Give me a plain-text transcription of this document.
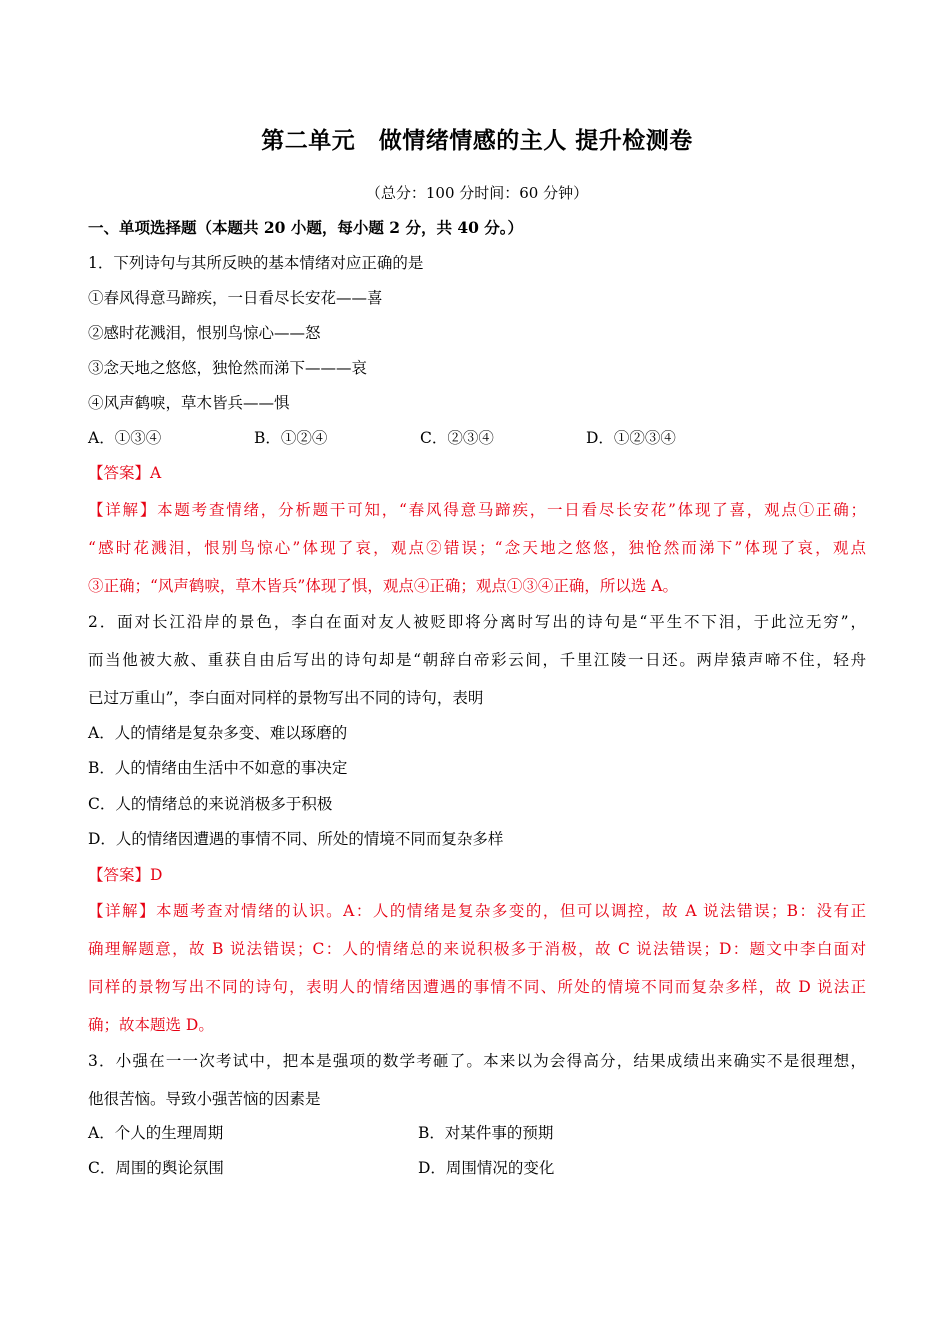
第二单元　做情绪情感的主人 提升检测卷
（总分：100 分时间：60 分钟）
一、单项选择题（本题共 20 小题，每小题 2 分，共 40 分。）
1．下列诗句与其所反映的基本情绪对应正确的是
①春风得意马蹄疾，一日看尽长安花——喜
②感时花溅泪，恨别鸟惊心——怒
③念天地之悠悠，独怆然而涕下———哀
④风声鹤唳，草木皆兵——惧
A．①③④	B．①②④	C．②③④	D．①②③④
【答案】A
【详解】本题考查情绪，分析题干可知，“春风得意马蹄疾，一日看尽长安花”体现了喜，观点①正确；
“感时花溅泪，恨别鸟惊心”体现了哀，观点②错误；“念天地之悠悠，独怆然而涕下”体现了哀，观点
③正确；“风声鹤唳，草木皆兵”体现了惧，观点④正确；观点①③④正确，所以选 A。
2．面对长江沿岸的景色，李白在面对友人被贬即将分离时写出的诗句是“平生不下泪，于此泣无穷”，
而当他被大赦、重获自由后写出的诗句却是“朝辞白帝彩云间，千里江陵一日还。两岸猿声啼不住，轻舟
已过万重山”，李白面对同样的景物写出不同的诗句，表明
A．人的情绪是复杂多变、难以琢磨的
B．人的情绪由生活中不如意的事决定
C．人的情绪总的来说消极多于积极
D．人的情绪因遭遇的事情不同、所处的情境不同而复杂多样
【答案】D
【详解】本题考查对情绪的认识。A：人的情绪是复杂多变的，但可以调控，故 A 说法错误；B：没有正
确理解题意，故 B 说法错误；C：人的情绪总的来说积极多于消极，故 C 说法错误；D：题文中李白面对
同样的景物写出不同的诗句，表明人的情绪因遭遇的事情不同、所处的情境不同而复杂多样，故 D 说法正
确；故本题选 D。
3．小强在一一次考试中，把本是强项的数学考砸了。本来以为会得高分，结果成绩出来确实不是很理想，
他很苦恼。导致小强苦恼的因素是
A．个人的生理周期	B．对某件事的预期
C．周围的舆论氛围	D．周围情况的变化
